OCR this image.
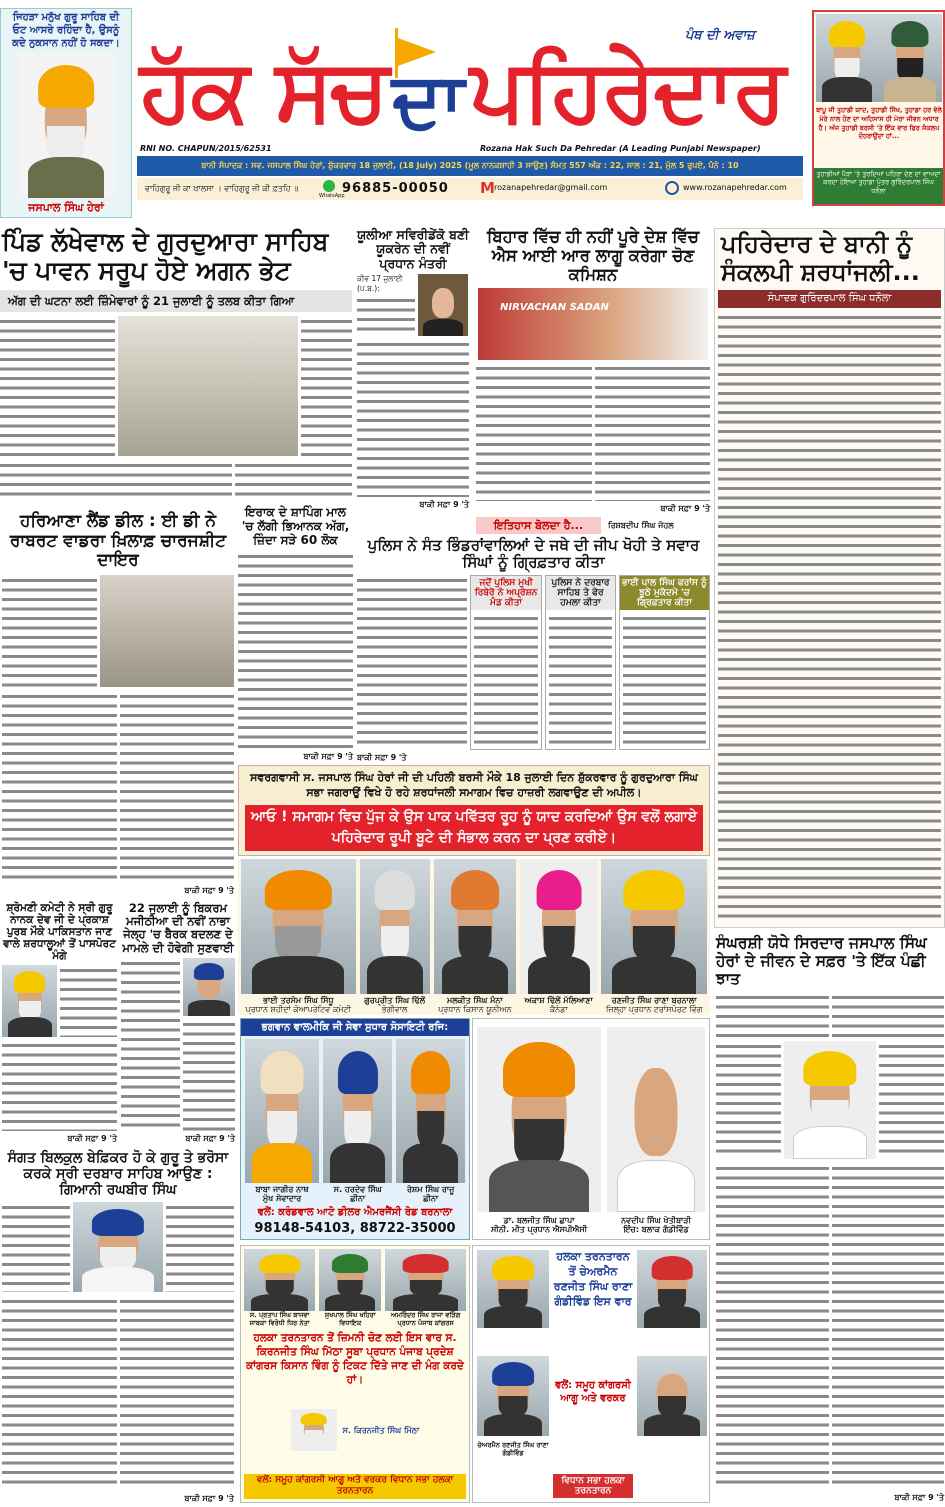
ਜਿਹੜਾ ਮਨੁੱਖ ਗੁਰੂ ਸਾਹਿਬ ਦੀ ਓਟ ਆਸਰੇ ਰਹਿੰਦਾ ਹੈ, ਉਸਨੂੰ ਕਦੇ ਨੁਕਸਾਨ ਨਹੀਂ ਹੋ ਸਕਦਾ।
ਜਸਪਾਲ ਸਿੰਘ ਹੇਰਾਂ
ਹੱਕ ਸੱਚ ਦਾ ਪਹਿਰੇਦਾਰ
ਪੰਥ ਦੀ ਅਵਾਜ਼
RNI NO. CHAPUN/2015/62531	Rozana Hak Such Da Pehredar (A Leading Punjabi Newspaper)
ਬਾਨੀ ਸੰਪਾਦਕ : ਸਵ. ਜਸਪਾਲ ਸਿੰਘ ਹੇਰਾਂ, ਸ਼ੁੱਕਰਵਾਰ 18 ਜੁਲਾਈ, (18 July) 2025 (ਮੂਲ ਨਾਨਕਸ਼ਾਹੀ 3 ਸਾਉਣ) ਸੰਮਤ 557 ਅੰਕ : 22, ਸਾਲ : 21, ਮੁੱਲ 5 ਰੁਪਏ, ਪੰਨੇ : 10
ਵਾਹਿਗੁਰੂ ਜੀ ਕਾ ਖ਼ਾਲਸਾ । ਵਾਹਿਗੁਰੂ ਜੀ ਕੀ ਫ਼ਤਹਿ ॥
WhatsApp
96885-00050 M rozanapehredar@gmail.com	www.rozanapehredar.com
ਬਾਪੂ ਜੀ ਤੁਹਾਡੀ ਯਾਦ, ਤੁਹਾਡੀ ਸਿੱਖ, ਤੁਹਾਡਾ ਹਰ ਵੇਲੇ ਮੇਰੇ ਨਾਲ ਹੋਣ ਦਾ ਅਹਿਸਾਸ ਹੀ ਮੇਰਾ ਜੀਵਨ ਅਧਾਰ ਹੈ। ਅੱਜ ਤੁਹਾਡੀ ਬਰਸੀ 'ਤੇ ਇੱਕ ਵਾਰ ਫਿਰ ਸੰਕਲਪ ਦੋਹਰਾਉਂਦਾ ਹਾਂ...
ਤੁਹਾਡੀਆਂ ਪੈੜਾਂ 'ਤੇ ਤੁਰਦਿਆਂ ਪਹਿਰਾ ਦੇਣ ਦਾ ਵਾਅਦਾ ਕਰਦਾ ਹੋਇਆ ਤੁਹਾਡਾ ਪੁੱਤਰ ਗੁਰਿੰਦਰਪਾਲ ਸਿੰਘ ਧਨੌਲਾ
ਪਿੰਡ ਲੱਖੇਵਾਲ ਦੇ ਗੁਰਦੁਆਰਾ ਸਾਹਿਬ 'ਚ ਪਾਵਨ ਸਰੂਪ ਹੋਏ ਅਗਨ ਭੇਟ
ਅੱਗ ਦੀ ਘਟਨਾ ਲਈ ਜ਼ਿੰਮੇਵਾਰਾਂ ਨੂੰ 21 ਜੁਲਾਈ ਨੂੰ ਤਲਬ ਕੀਤਾ ਗਿਆ
ਯੂਲੀਆ ਸਵਿਰੀਡੇਂਕੋ ਬਣੀ ਯੂਕਰੇਨ ਦੀ ਨਵੀਂ ਪ੍ਰਧਾਨ ਮੰਤਰੀ
ਕੀਵ 17 ਜੁਲਾਈ (ਪ.ਬ.):
ਬਾਕੀ ਸਫ਼ਾ 9 'ਤੇ
ਬਿਹਾਰ ਵਿੱਚ ਹੀ ਨਹੀਂ ਪੂਰੇ ਦੇਸ਼ ਵਿੱਚ ਐਸ ਆਈ ਆਰ ਲਾਗੂ ਕਰੇਗਾ ਚੋਣ ਕਮਿਸ਼ਨ
NIRVACHAN SADAN
ਬਾਕੀ ਸਫ਼ਾ 9 'ਤੇ
ਇਰਾਕ ਦੇ ਸ਼ਾਪਿੰਗ ਮਾਲ 'ਚ ਲੱਗੀ ਭਿਆਨਕ ਅੱਗ, ਜ਼ਿੰਦਾ ਸੜੇ 60 ਲੋਕ
ਬਾਕੀ ਸਫ਼ਾ 9 'ਤੇ
ਇਤਿਹਾਸ ਬੋਲਦਾ ਹੈ...	ਰਿਸ਼ਬਦੀਪ ਸਿੰਘ ਜੋਹਲ
ਪੁਲਿਸ ਨੇ ਸੰਤ ਭਿੰਡਰਾਂਵਾਲਿਆਂ ਦੇ ਜਥੇ ਦੀ ਜੀਪ ਖੋਹੀ ਤੇ ਸਵਾਰ ਸਿੰਘਾਂ ਨੂੰ ਗ੍ਰਿਫ਼ਤਾਰ ਕੀਤਾ
ਜਦੋਂ ਪੁਲਿਸ ਮੁਖੀ ਰਿਬੇਰੋ ਨੇ ਅਪ੍ਰੇਸ਼ਨ ਮੰਡ ਕੀਤਾ
ਪੁਲਿਸ ਨੇ ਦਰਬਾਰ ਸਾਹਿਬ ਤੇ ਫੇਰ ਹਮਲਾ ਕੀਤਾ
ਭਾਈ ਪਾਲ ਸਿੰਘ ਫਰਾਂਸ ਨੂੰ ਝੂਠੇ ਮੁਕੱਦਮੇ 'ਚ ਗ੍ਰਿਫ਼ਤਾਰ ਕੀਤਾ
ਬਾਕੀ ਸਫ਼ਾ 9 'ਤੇ
ਹਰਿਆਣਾ ਲੈਂਡ ਡੀਲ : ਈ ਡੀ ਨੇ ਰਾਬਰਟ ਵਾਡਰਾ ਖ਼ਿਲਾਫ਼ ਚਾਰਜਸ਼ੀਟ ਦਾਇਰ
ਬਾਕੀ ਸਫ਼ਾ 9 'ਤੇ
ਸ਼੍ਰੋਮਣੀ ਕਮੇਟੀ ਨੇ ਸ੍ਰੀ ਗੁਰੂ ਨਾਨਕ ਦੇਵ ਜੀ ਦੇ ਪ੍ਰਕਾਸ਼ ਪੁਰਬ ਮੌਕੇ ਪਾਕਿਸਤਾਨ ਜਾਣ ਵਾਲੇ ਸ਼ਰਧਾਲੂਆਂ ਤੋਂ ਪਾਸਪੋਰਟ ਮੰਗੇ
ਬਾਕੀ ਸਫ਼ਾ 9 'ਤੇ
22 ਜੁਲਾਈ ਨੂੰ ਬਿਕਰਮ ਮਜੀਠੀਆ ਦੀ ਨਵੀਂ ਨਾਭਾ ਜੇਲ੍ਹ 'ਚ ਬੈਰਕ ਬਦਲਣ ਦੇ ਮਾਮਲੇ ਦੀ ਹੋਵੇਗੀ ਸੁਣਵਾਈ
ਬਾਕੀ ਸਫ਼ਾ 9 'ਤੇ
ਸੰਗਤ ਬਿਲਕੁਲ ਬੇਫ਼ਿਕਰ ਹੋ ਕੇ ਗੁਰੂ ਤੇ ਭਰੋਸਾ ਕਰਕੇ ਸ੍ਰੀ ਦਰਬਾਰ ਸਾਹਿਬ ਆਉਣ : ਗਿਆਨੀ ਰਘਬੀਰ ਸਿੰਘ
ਬਾਕੀ ਸਫ਼ਾ 9 'ਤੇ
ਸਵਰਗਵਾਸੀ ਸ. ਜਸਪਾਲ ਸਿੰਘ ਹੇਰਾਂ ਜੀ ਦੀ ਪਹਿਲੀ ਬਰਸੀ ਮੌਕੇ 18 ਜੁਲਾਈ ਦਿਨ ਸ਼ੁੱਕਰਵਾਰ ਨੂੰ ਗੁਰਦੁਆਰਾ ਸਿੰਘ ਸਭਾ ਜਗਰਾਉਂ ਵਿਖੇ ਹੋ ਰਹੇ ਸ਼ਰਧਾਂਜਲੀ ਸਮਾਗਮ ਵਿਚ ਹਾਜ਼ਰੀ ਲਗਵਾਉਣ ਦੀ ਅਪੀਲ।
ਆਓ ! ਸਮਾਗਮ ਵਿਚ ਪੁੱਜ ਕੇ ਉਸ ਪਾਕ ਪਵਿੱਤਰ ਰੂਹ ਨੂੰ ਯਾਦ ਕਰਦਿਆਂ ਉਸ ਵਲੋਂ ਲਗਾਏ ਪਹਿਰੇਦਾਰ ਰੂਪੀ ਬੂਟੇ ਦੀ ਸੰਭਾਲ ਕਰਨ ਦਾ ਪ੍ਰਣ ਕਰੀਏ।
ਭਾਈ ਤਰਸੇਮ ਸਿੰਘ ਸਿੱਧੂ
ਪ੍ਰਧਾਨ ਸ਼ਹੀਦਾਂ ਕੋਆਪਰੇਟਿਵ ਕਮੇਟੀ
ਗੁਰਪ੍ਰੀਤ ਸਿੰਘ ਢਿੱਲੋਂ
ਭੋਗੀਵਾਲ
ਮਲਕੀਤ ਸਿੰਘ ਮੰਨਾ
ਪ੍ਰਧਾਨ ਕਿਸਾਨ ਯੂਨੀਅਨ
ਅਕਾਸ਼ ਢਿੱਲੋਂ ਮੱਲਿਆਣਾ
ਕੈਨੇਡਾ
ਰਣਜੀਤ ਸਿੰਘ ਰਾਣਾ ਬਰਨਾਲਾ
ਜ਼ਿਲ੍ਹਾ ਪ੍ਰਧਾਨ ਟਰਾਂਸਪੋਰਟ ਵਿੰਗ
ਭਗਵਾਨ ਵਾਲਮੀਕਿ ਜੀ ਸੇਵਾ ਸੁਧਾਰ ਸੋਸਾਇਟੀ ਰਜਿ:
ਬਾਬਾ ਜਾਗੀਰ ਨਾਥ
ਮੁੱਖ ਸੇਵਾਦਾਰ
ਸ. ਹਰਦੇਵ ਸਿੰਘ
ਛੀਨਾ
ਰੇਸ਼ਮ ਸਿੰਘ ਰਾਜੂ
ਛੀਨਾ
ਵਲੋਂ: ਕਰੰਡਵਾਲ ਆਟੋ ਡੀਲਰ ਐਮਰਜੈਂਸੀ ਰੋਡ ਬਰਨਾਲਾ
98148-54103, 88722-35000
ਡਾ. ਬਲਜੀਤ ਸਿੰਘ ਛਾਪਾ
ਸੀਨੀ. ਮੀਤ ਪ੍ਰਧਾਨ ਐਸਪੀਐਸੀ
ਨਵਦੀਪ ਸਿੰਘ ਖੇਤੀਬਾੜੀ
ਇੰਚ: ਬਲਾਕ ਗੰਡੀਵਿੰਡ
ਸ. ਪ੍ਰਤਾਪ ਸਿੰਘ ਬਾਜਵਾ
ਸਾਬਕਾ ਵਿਰੋਧੀ ਧਿਰ ਨੇਤਾ
ਸੁਖਪਾਲ ਸਿੰਘ ਖਹਿਰਾ
ਵਿਧਾਇਕ
ਅਮਰਿੰਦਰ ਸਿੰਘ ਰਾਜਾ ਵੜਿੰਗ
ਪ੍ਰਧਾਨ ਪੰਜਾਬ ਕਾਂਗਰਸ
ਹਲਕਾ ਤਰਨਤਾਰਨ ਤੋਂ ਜ਼ਿਮਨੀ ਚੋਣ ਲਈ ਇਸ ਵਾਰ ਸ. ਕਿਰਨਜੀਤ ਸਿੰਘ ਮਿੱਠਾ ਸੂਬਾ ਪ੍ਰਧਾਨ ਪੰਜਾਬ ਪ੍ਰਦੇਸ਼ ਕਾਂਗਰਸ ਕਿਸਾਨ ਵਿੰਗ ਨੂੰ ਟਿਕਟ ਦਿੱਤੇ ਜਾਣ ਦੀ ਮੰਗ ਕਰਦੇ ਹਾਂ।
ਸ. ਕਿਰਨਜੀਤ ਸਿੰਘ ਮਿੱਠਾ
ਵਲੋਂ: ਸਮੂਹ ਕਾਂਗਰਸੀ ਆਗੂ ਅਤੇ ਵਰਕਰ ਵਿਧਾਨ ਸਭਾ ਹਲਕਾ ਤਰਨਤਾਰਨ
ਚੇਅਰਮੈਨ ਰਣਜੀਤ ਸਿੰਘ ਰਾਣਾ ਗੰਡੀਵਿੰਡ
ਹਲਕਾ ਤਰਨਤਾਰਨ ਤੋਂ ਚੇਅਰਮੈਨ ਰਣਜੀਤ ਸਿੰਘ ਰਾਣਾ ਗੰਡੀਵਿੰਡ ਇਸ ਵਾਰ
ਵਲੋਂ: ਸਮੂਹ ਕਾਂਗਰਸੀ ਆਗੂ ਅਤੇ ਵਰਕਰ
ਵਿਧਾਨ ਸਭਾ ਹਲਕਾ ਤਰਨਤਾਰਨ
ਪਹਿਰੇਦਾਰ ਦੇ ਬਾਨੀ ਨੂੰ ਸੰਕਲਪੀ ਸ਼ਰਧਾਂਜਲੀ...
ਸੰਪਾਦਕ ਗੁਰਿੰਦਰਪਾਲ ਸਿੰਘ ਧਨੌਲਾ
ਸੰਘਰਸ਼ੀ ਯੋਧੇ ਸਿਰਦਾਰ ਜਸਪਾਲ ਸਿੰਘ ਹੇਰਾਂ ਦੇ ਜੀਵਨ ਦੇ ਸਫ਼ਰ 'ਤੇ ਇੱਕ ਪੰਛੀ ਝਾਤ
ਬਾਕੀ ਸਫ਼ਾ 9 'ਤੇ
